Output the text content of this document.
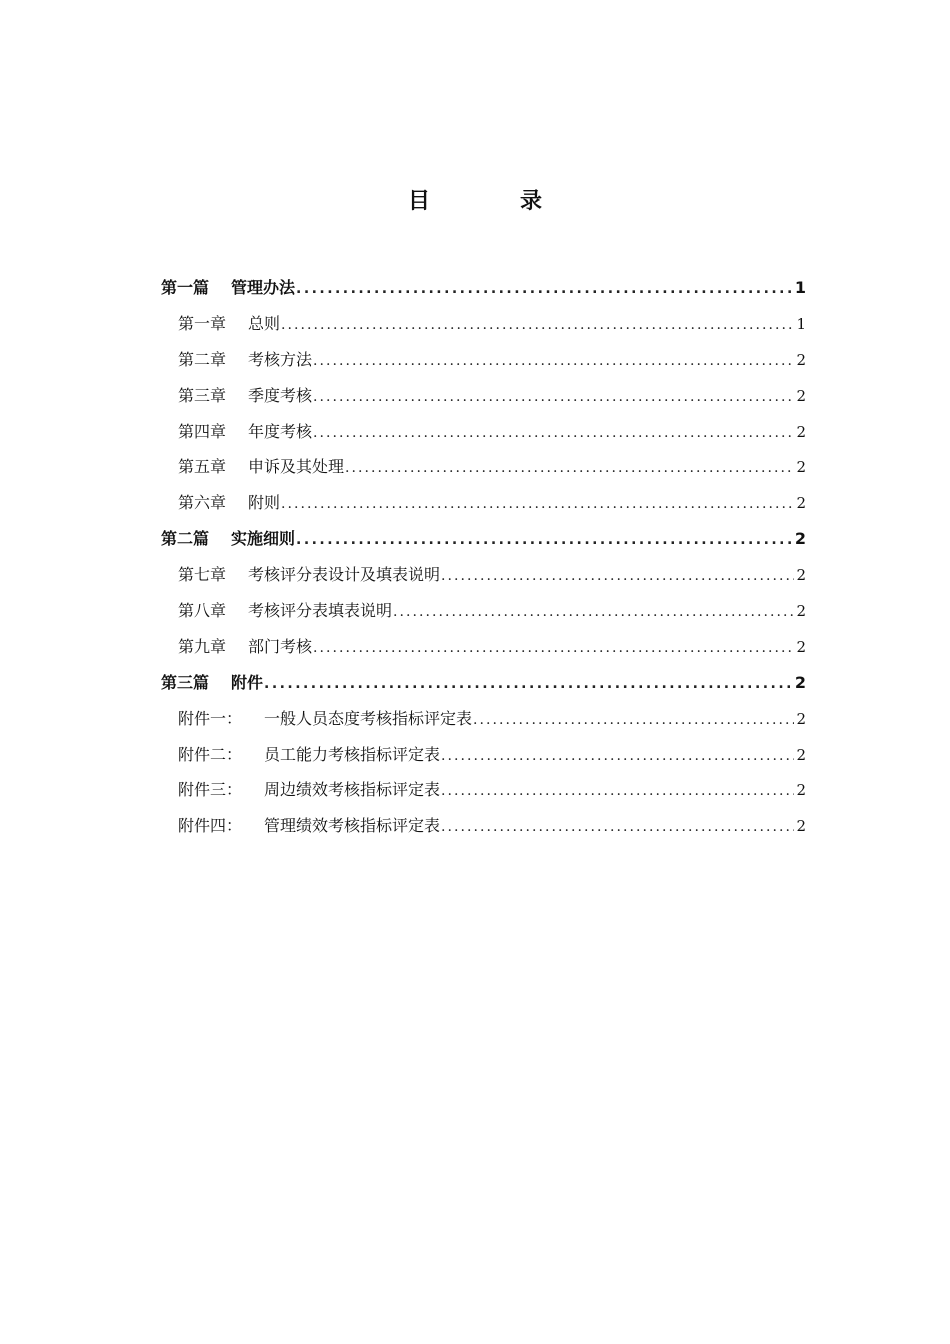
目　录
第一篇 管理办法 . . .	1
第一章 总则 . . .	1
第二章 考核方法 . . .	2
第三章 季度考核 . . .	2
第四章 年度考核 . . .	2
第五章 申诉及其处理 . . .	2
第六章 附则 . . .	2
第二篇 实施细则 . . .	2
第七章 考核评分表设计及填表说明 . . .	2
第八章 考核评分表填表说明 . . .	2
第九章 部门考核 . . .	2
第三篇 附件 . . .	2
附件一： 一般人员态度考核指标评定表 . . .	2
附件二： 员工能力考核指标评定表 . . .	2
附件三： 周边绩效考核指标评定表 . . .	2
附件四： 管理绩效考核指标评定表 . . .	2
